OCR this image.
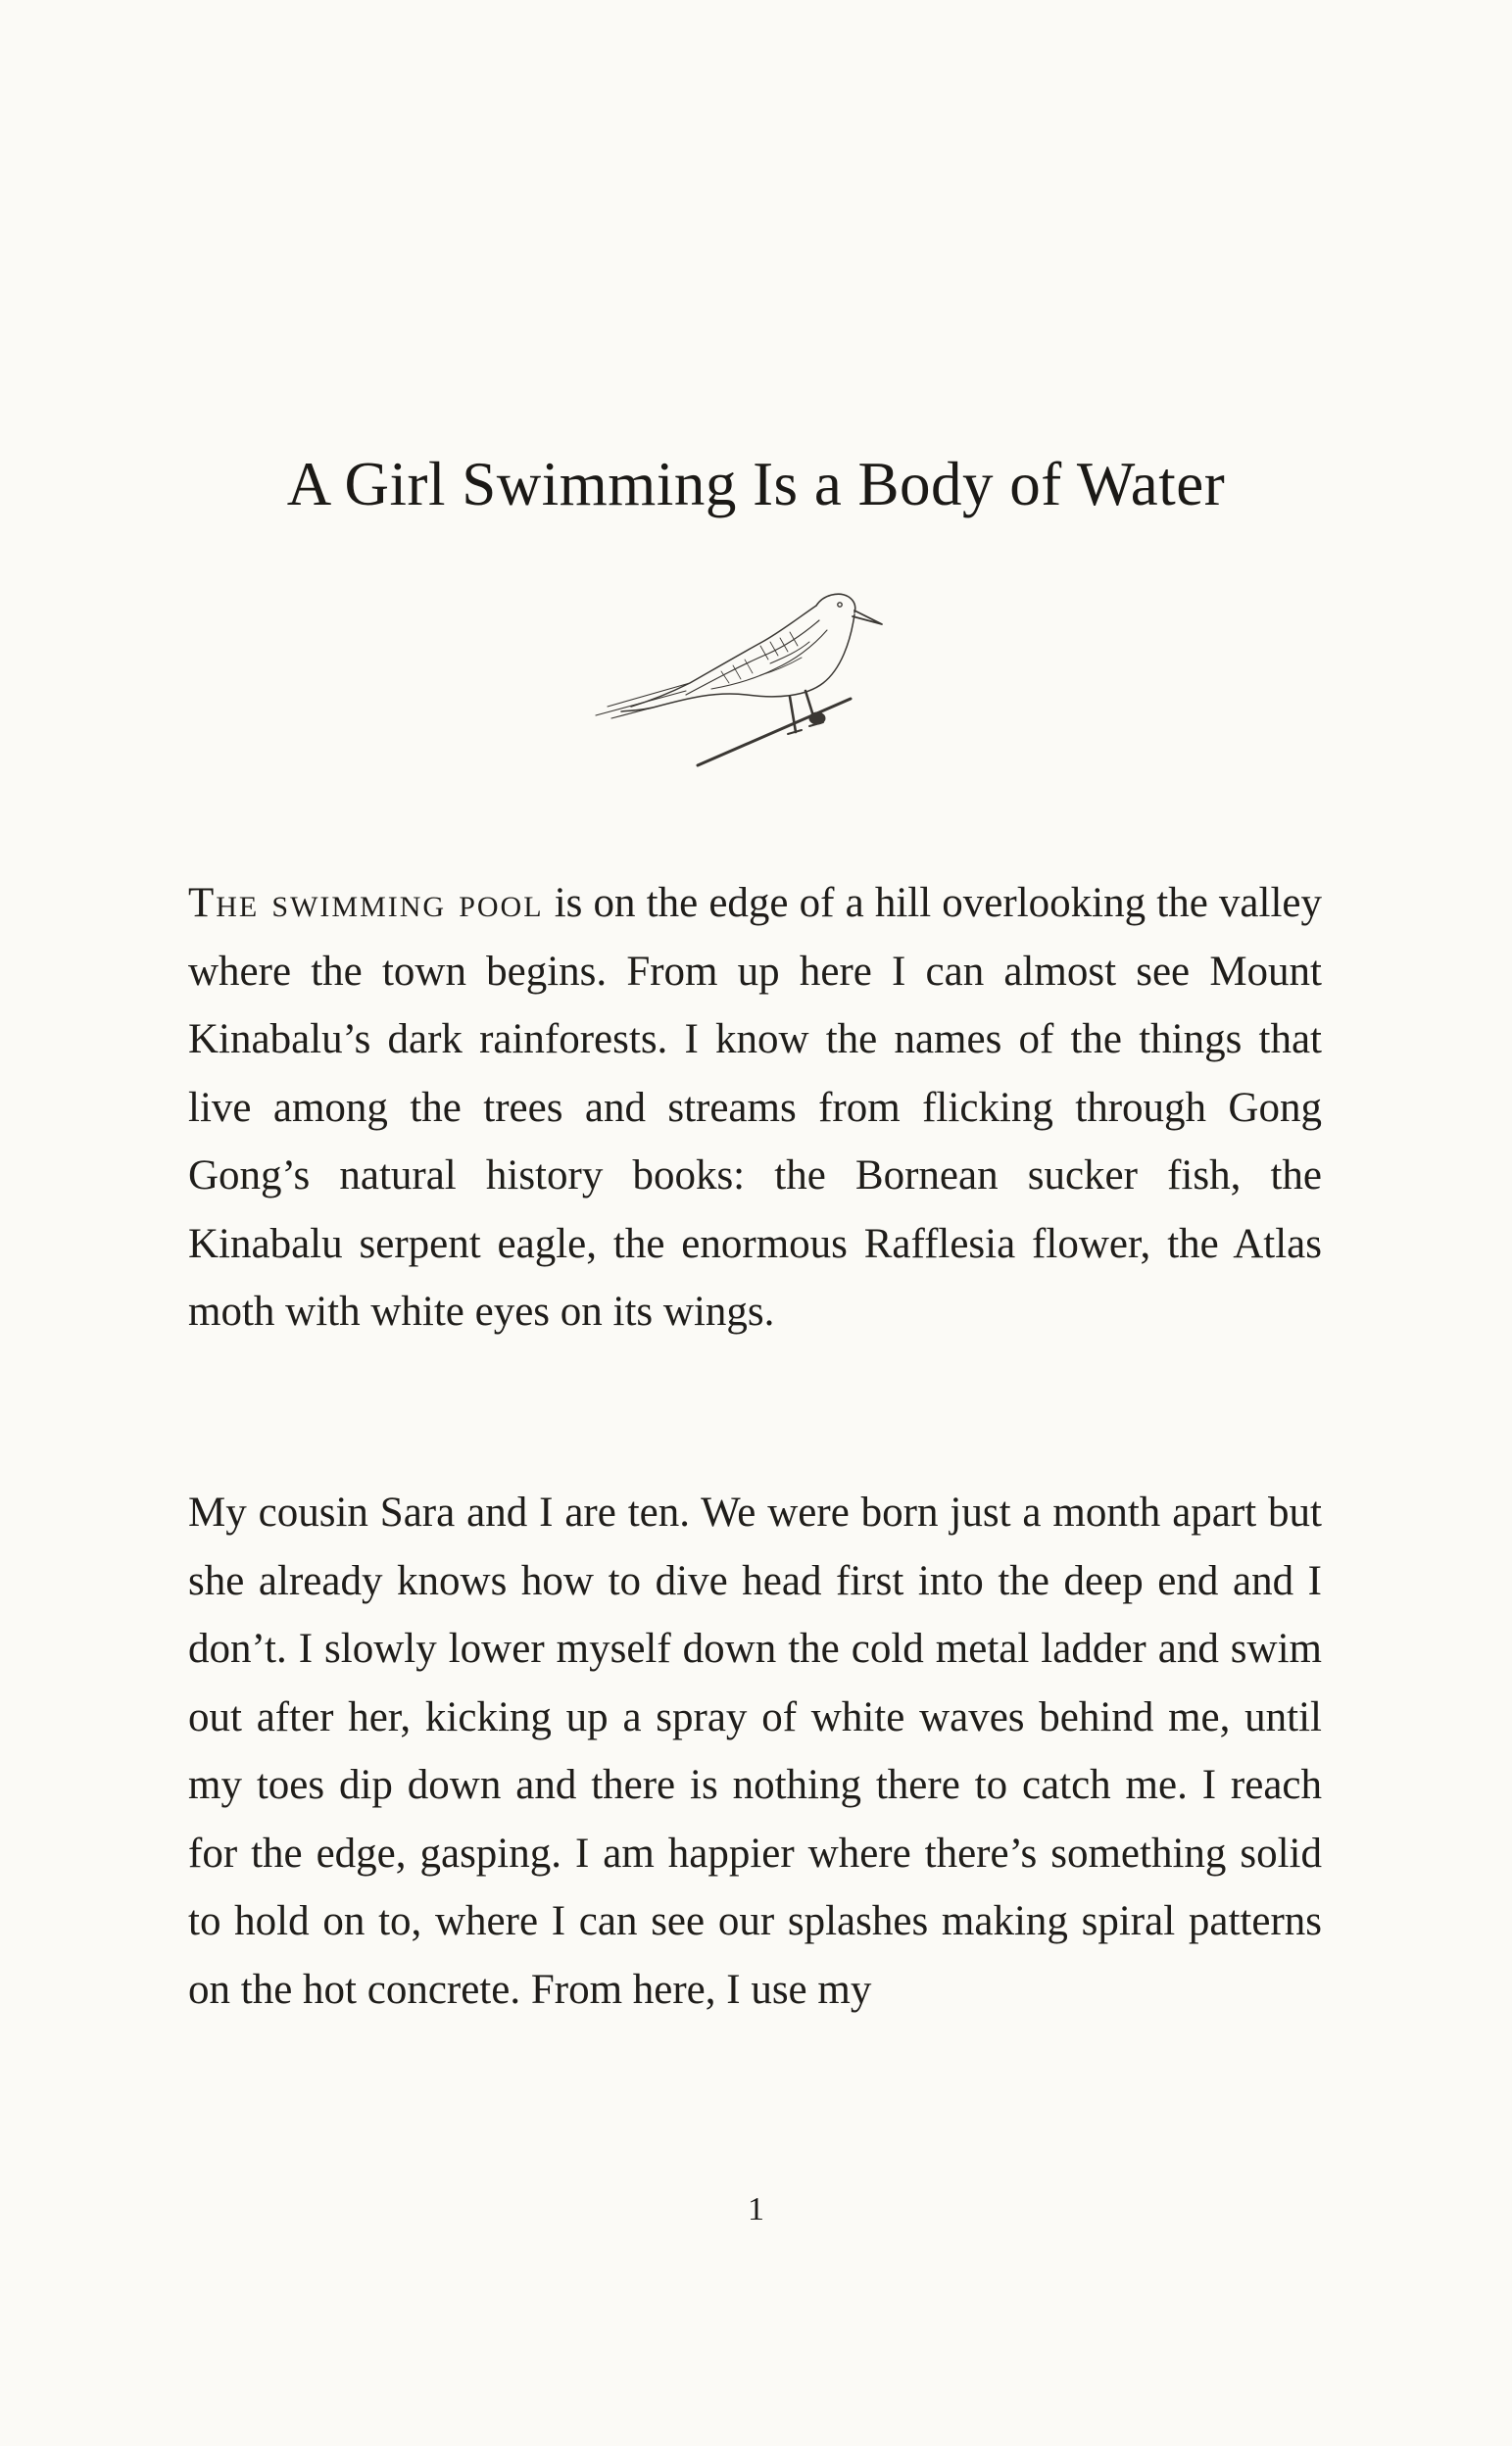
A Girl Swimming Is a Body of Water

The swimming pool is on the edge of a hill overlooking the valley where the town begins. From up here I can almost see Mount Kinabalu’s dark rainforests. I know the names of the things that live among the trees and streams from flicking through Gong Gong’s natural history books: the Bornean sucker fish, the Kinabalu serpent eagle, the enormous Rafflesia flower, the Atlas moth with white eyes on its wings.

My cousin Sara and I are ten. We were born just a month apart but she already knows how to dive head first into the deep end and I don’t. I slowly lower myself down the cold metal ladder and swim out after her, kicking up a spray of white waves behind me, until my toes dip down and there is nothing there to catch me. I reach for the edge, gasping. I am happier where there’s something solid to hold on to, where I can see our splashes making spiral patterns on the hot concrete. From here, I use my

1
